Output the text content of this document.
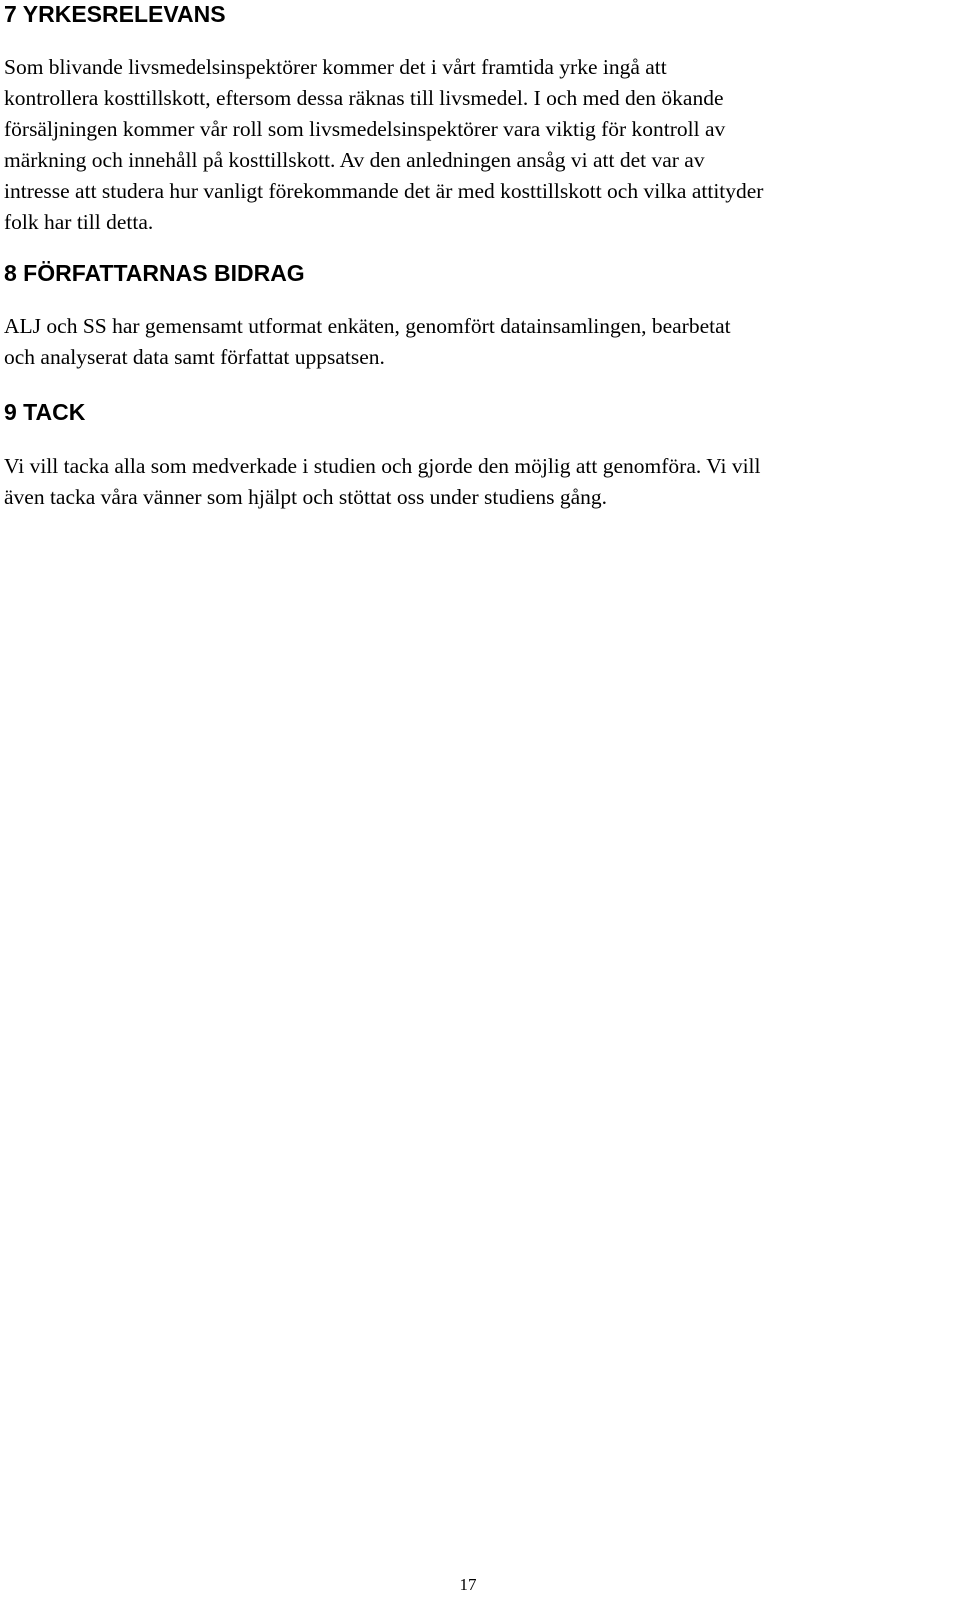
7 YRKESRELEVANS
Som blivande livsmedelsinspektörer kommer det i vårt framtida yrke ingå att
kontrollera kosttillskott, eftersom dessa räknas till livsmedel. I och med den ökande
försäljningen kommer vår roll som livsmedelsinspektörer vara viktig för kontroll av
märkning och innehåll på kosttillskott. Av den anledningen ansåg vi att det var av
intresse att studera hur vanligt förekommande det är med kosttillskott och vilka attityder
folk har till detta.
8 FÖRFATTARNAS BIDRAG
ALJ och SS har gemensamt utformat enkäten, genomfört datainsamlingen, bearbetat
och analyserat data samt författat uppsatsen.
9 TACK
Vi vill tacka alla som medverkade i studien och gjorde den möjlig att genomföra. Vi vill
även tacka våra vänner som hjälpt och stöttat oss under studiens gång.
17
